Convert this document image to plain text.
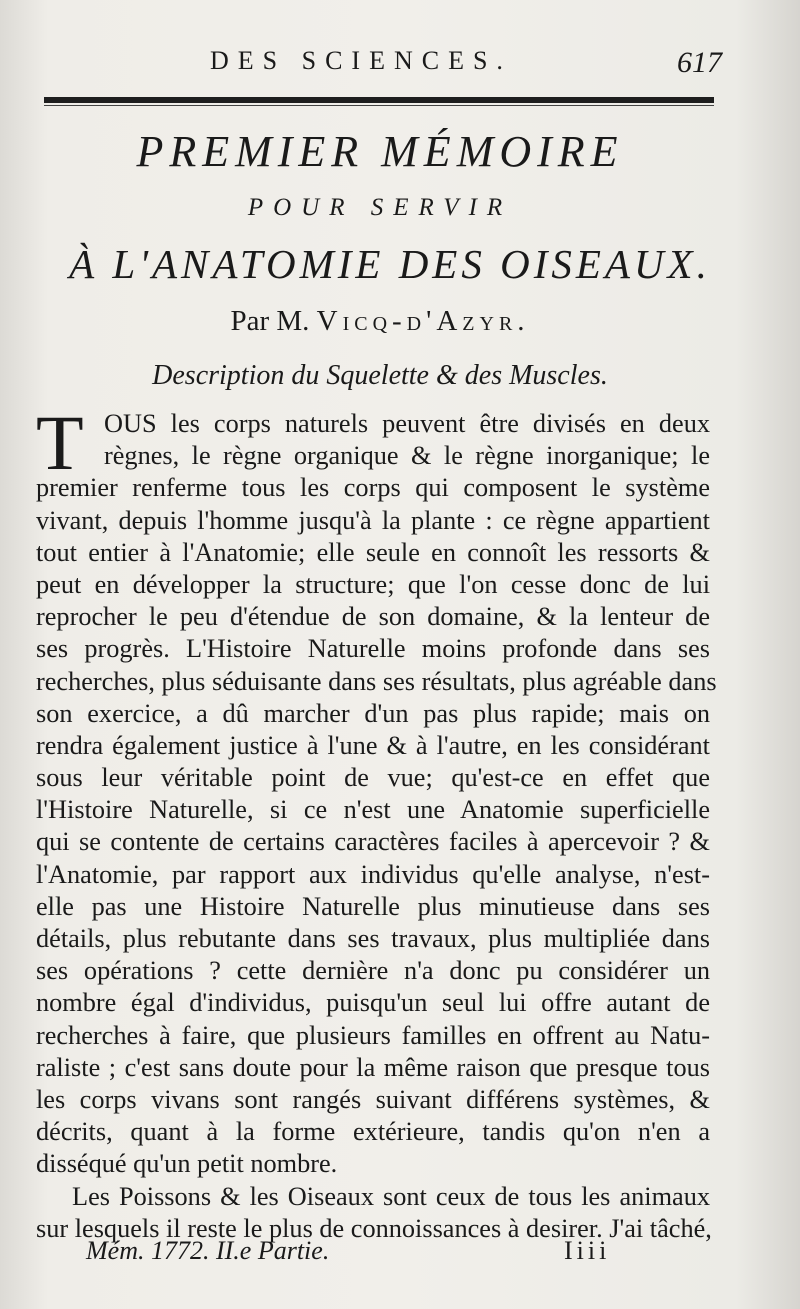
DES SCIENCES.	617
PREMIER MÉMOIRE
POUR SERVIR
À L'ANATOMIE DES OISEAUX.
Par M. Vicq-d'Azyr.
Description du Squelette & des Muscles.
T OUS les corps naturels peuvent être divisés en deux
règnes, le règne organique & le règne inorganique; le
premier renferme tous les corps qui composent le système
vivant, depuis l'homme jusqu'à la plante : ce règne appartient
tout entier à l'Anatomie; elle seule en connoît les ressorts &
peut en développer la structure; que l'on cesse donc de lui
reprocher le peu d'étendue de son domaine, & la lenteur de
ses progrès. L'Histoire Naturelle moins profonde dans ses
recherches, plus séduisante dans ses résultats, plus agréable dans
son exercice, a dû marcher d'un pas plus rapide; mais on
rendra également justice à l'une & à l'autre, en les considérant
sous leur véritable point de vue; qu'est-ce en effet que
l'Histoire Naturelle, si ce n'est une Anatomie superficielle
qui se contente de certains caractères faciles à apercevoir ? &
l'Anatomie, par rapport aux individus qu'elle analyse, n'est-
elle pas une Histoire Naturelle plus minutieuse dans ses
détails, plus rebutante dans ses travaux, plus multipliée dans
ses opérations ? cette dernière n'a donc pu considérer un
nombre égal d'individus, puisqu'un seul lui offre autant de
recherches à faire, que plusieurs familles en offrent au Natu-
raliste ; c'est sans doute pour la même raison que presque tous
les corps vivans sont rangés suivant différens systèmes, &
décrits, quant à la forme extérieure, tandis qu'on n'en a
disséqué qu'un petit nombre.
Les Poissons & les Oiseaux sont ceux de tous les animaux
sur lesquels il reste le plus de connoissances à desirer. J'ai tâché,
Mém. 1772. II.e Partie.	Iiii
